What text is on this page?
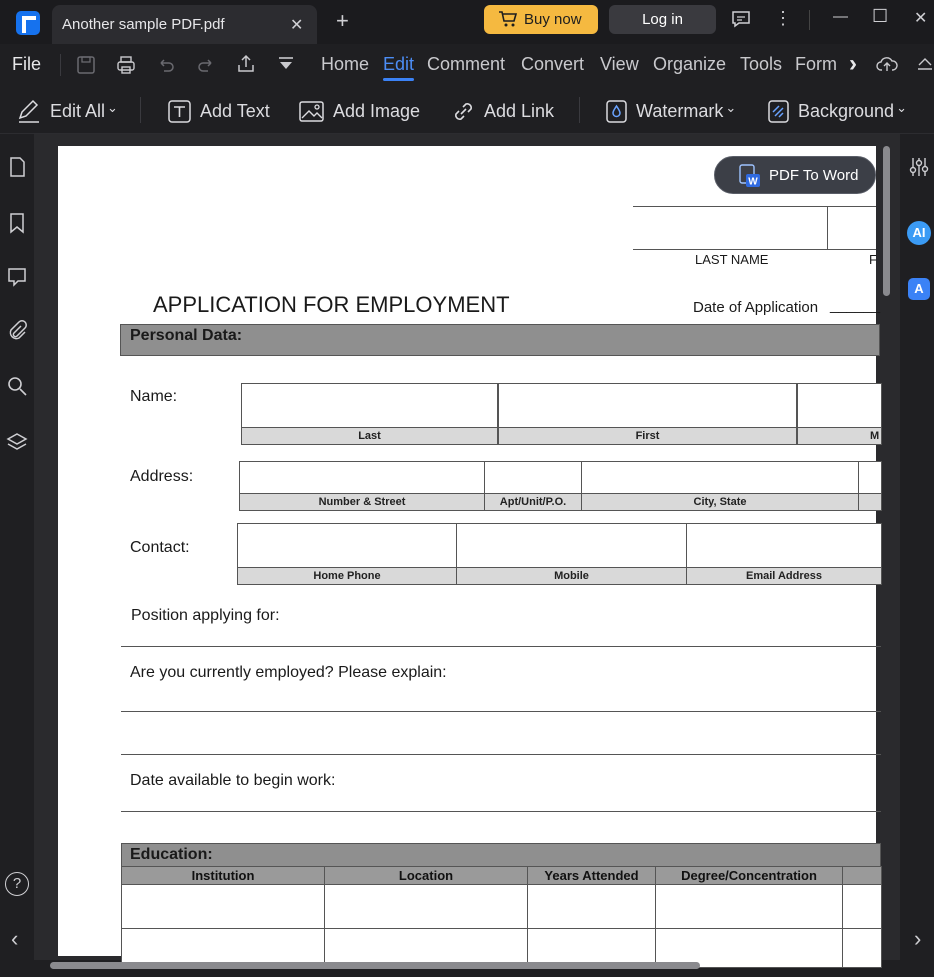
Another sample PDF.pdf	✕ +	Buy now	Log in	⋮	— ☐ ✕
File	Home Edit Comment Convert View Organize Tools Form ›
Edit All ⌄	Add Text	Add Image	Add Link	Watermark ⌄	Background ⌄
?
‹
AI
A
›
W PDF To Word
LAST NAME	F
APPLICATION FOR EMPLOYMENT	Date of Application ______
Personal Data:
Name:
Last	First	M
Address:
Number & Street	Apt/Unit/P.O.	City, State
Contact:
Home Phone	Mobile	Email Address
Position applying for:
Are you currently employed? Please explain:
Date available to begin work:
Education:
Institution	Location	Years Attended	Degree/Concentration
